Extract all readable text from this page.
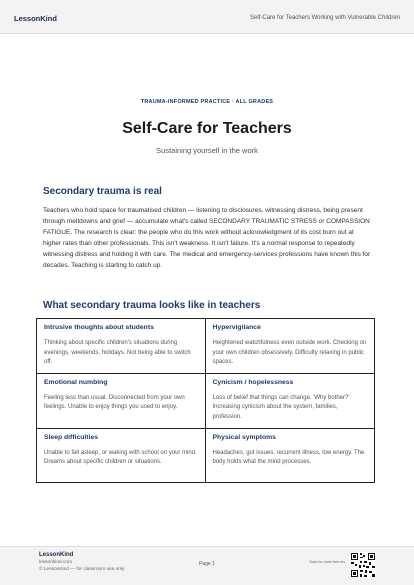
LessonKind	Self-Care for Teachers Working with Vulnerable Children
TRAUMA-INFORMED PRACTICE · ALL GRADES
Self-Care for Teachers
Sustaining yourself in the work
Secondary trauma is real

Teachers who hold space for traumatised children — listening to disclosures, witnessing distress, being present through meltdowns and grief — accumulate what's called SECONDARY TRAUMATIC STRESS or COMPASSION FATIGUE. The research is clear: the people who do this work without acknowledgment of its cost burn out at higher rates than other professionals. This isn't weakness. It isn't failure. It's a normal response to repeatedly witnessing distress and holding it with care. The medical and emergency-services professions have known this for decades. Teaching is starting to catch up.

What secondary trauma looks like in teachers
Intrusive thoughts about students
Thinking about specific children's situations during evenings, weekends, holidays. Not being able to switch off.
Hypervigilance
Heightened watchfulness even outside work. Checking on your own children obsessively. Difficulty relaxing in public spaces.
Emotional numbing
Feeling less than usual. Disconnected from your own feelings. Unable to enjoy things you used to enjoy.
Cynicism / hopelessness
Loss of belief that things can change. 'Why bother?' Increasing cynicism about the system, families, profession.
Sleep difficulties
Unable to fall asleep, or waking with school on your mind. Dreams about specific children or situations.
Physical symptoms
Headaches, gut issues, recurrent illness, low energy. The body holds what the mind processes.
LessonKind
lessonkind.com
© LessonKind — for classroom use only
Page 1	Scan for more free res
